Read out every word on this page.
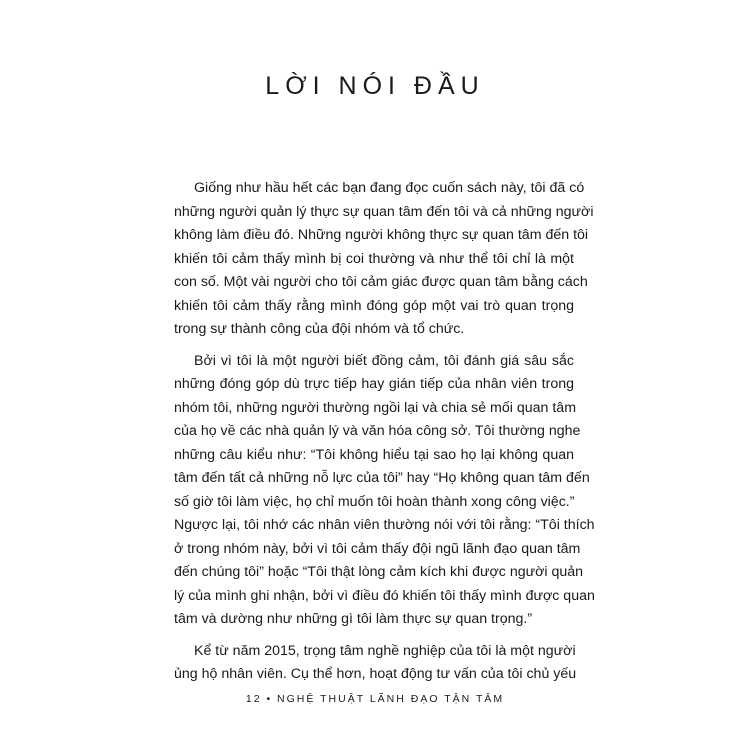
LỜI NÓI ĐẦU
Giống như hầu hết các bạn đang đọc cuốn sách này, tôi đã có
những người quản lý thực sự quan tâm đến tôi và cả những người
không làm điều đó. Những người không thực sự quan tâm đến tôi
khiến tôi cảm thấy mình bị coi thường và như thể tôi chỉ là một
con số. Một vài người cho tôi cảm giác được quan tâm bằng cách
khiến tôi cảm thấy rằng mình đóng góp một vai trò quan trọng
trong sự thành công của đội nhóm và tổ chức.
Bởi vì tôi là một người biết đồng cảm, tôi đánh giá sâu sắc
những đóng góp dù trực tiếp hay gián tiếp của nhân viên trong
nhóm tôi, những người thường ngồi lại và chia sẻ mối quan tâm
của họ về các nhà quản lý và văn hóa công sở. Tôi thường nghe
những câu kiểu như: “Tôi không hiểu tại sao họ lại không quan
tâm đến tất cả những nỗ lực của tôi” hay “Họ không quan tâm đến
số giờ tôi làm việc, họ chỉ muốn tôi hoàn thành xong công việc.”
Ngược lại, tôi nhớ các nhân viên thường nói với tôi rằng: “Tôi thích
ở trong nhóm này, bởi vì tôi cảm thấy đội ngũ lãnh đạo quan tâm
đến chúng tôi” hoặc “Tôi thật lòng cảm kích khi được người quản
lý của mình ghi nhận, bởi vì điều đó khiến tôi thấy mình được quan
tâm và dường như những gì tôi làm thực sự quan trọng.”
Kể từ năm 2015, trọng tâm nghề nghiệp của tôi là một người
ủng hộ nhân viên. Cụ thể hơn, hoạt động tư vấn của tôi chủ yếu
12 • NGHỆ THUẬT LÃNH ĐẠO TẬN TÂM
